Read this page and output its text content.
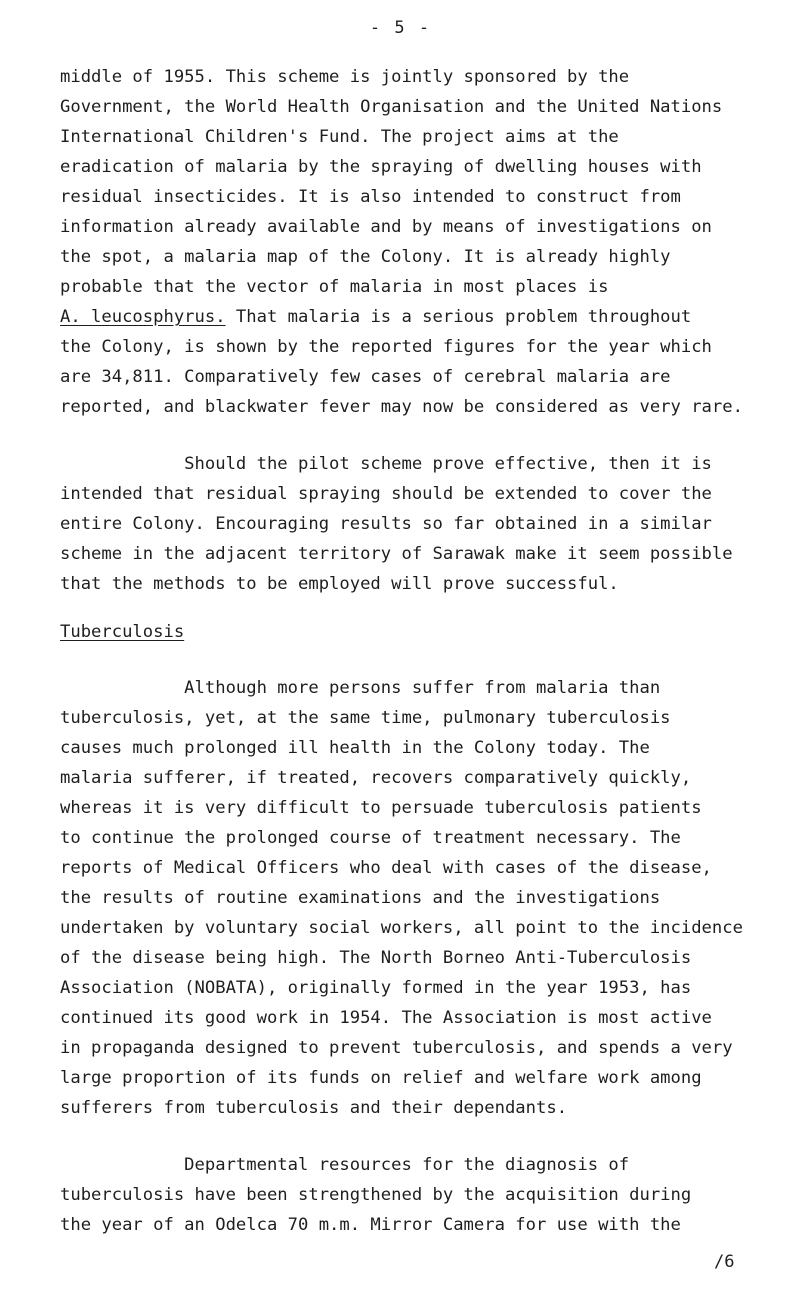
- 5 -
middle of 1955. This scheme is jointly sponsored by the
Government, the World Health Organisation and the United Nations
International Children's Fund. The project aims at the
eradication of malaria by the spraying of dwelling houses with
residual insecticides. It is also intended to construct from
information already available and by means of investigations on
the spot, a malaria map of the Colony. It is already highly
probable that the vector of malaria in most places is
A. leucosphyrus. That malaria is a serious problem throughout
the Colony, is shown by the reported figures for the year which
are 34,811. Comparatively few cases of cerebral malaria are
reported, and blackwater fever may now be considered as very rare.
Should the pilot scheme prove effective, then it is
intended that residual spraying should be extended to cover the
entire Colony. Encouraging results so far obtained in a similar
scheme in the adjacent territory of Sarawak make it seem possible
that the methods to be employed will prove successful.
Tuberculosis
Although more persons suffer from malaria than
tuberculosis, yet, at the same time, pulmonary tuberculosis
causes much prolonged ill health in the Colony today. The
malaria sufferer, if treated, recovers comparatively quickly,
whereas it is very difficult to persuade tuberculosis patients
to continue the prolonged course of treatment necessary. The
reports of Medical Officers who deal with cases of the disease,
the results of routine examinations and the investigations
undertaken by voluntary social workers, all point to the incidence
of the disease being high. The North Borneo Anti-Tuberculosis
Association (NOBATA), originally formed in the year 1953, has
continued its good work in 1954. The Association is most active
in propaganda designed to prevent tuberculosis, and spends a very
large proportion of its funds on relief and welfare work among
sufferers from tuberculosis and their dependants.
Departmental resources for the diagnosis of
tuberculosis have been strengthened by the acquisition during
the year of an Odelca 70 m.m. Mirror Camera for use with the
/6
